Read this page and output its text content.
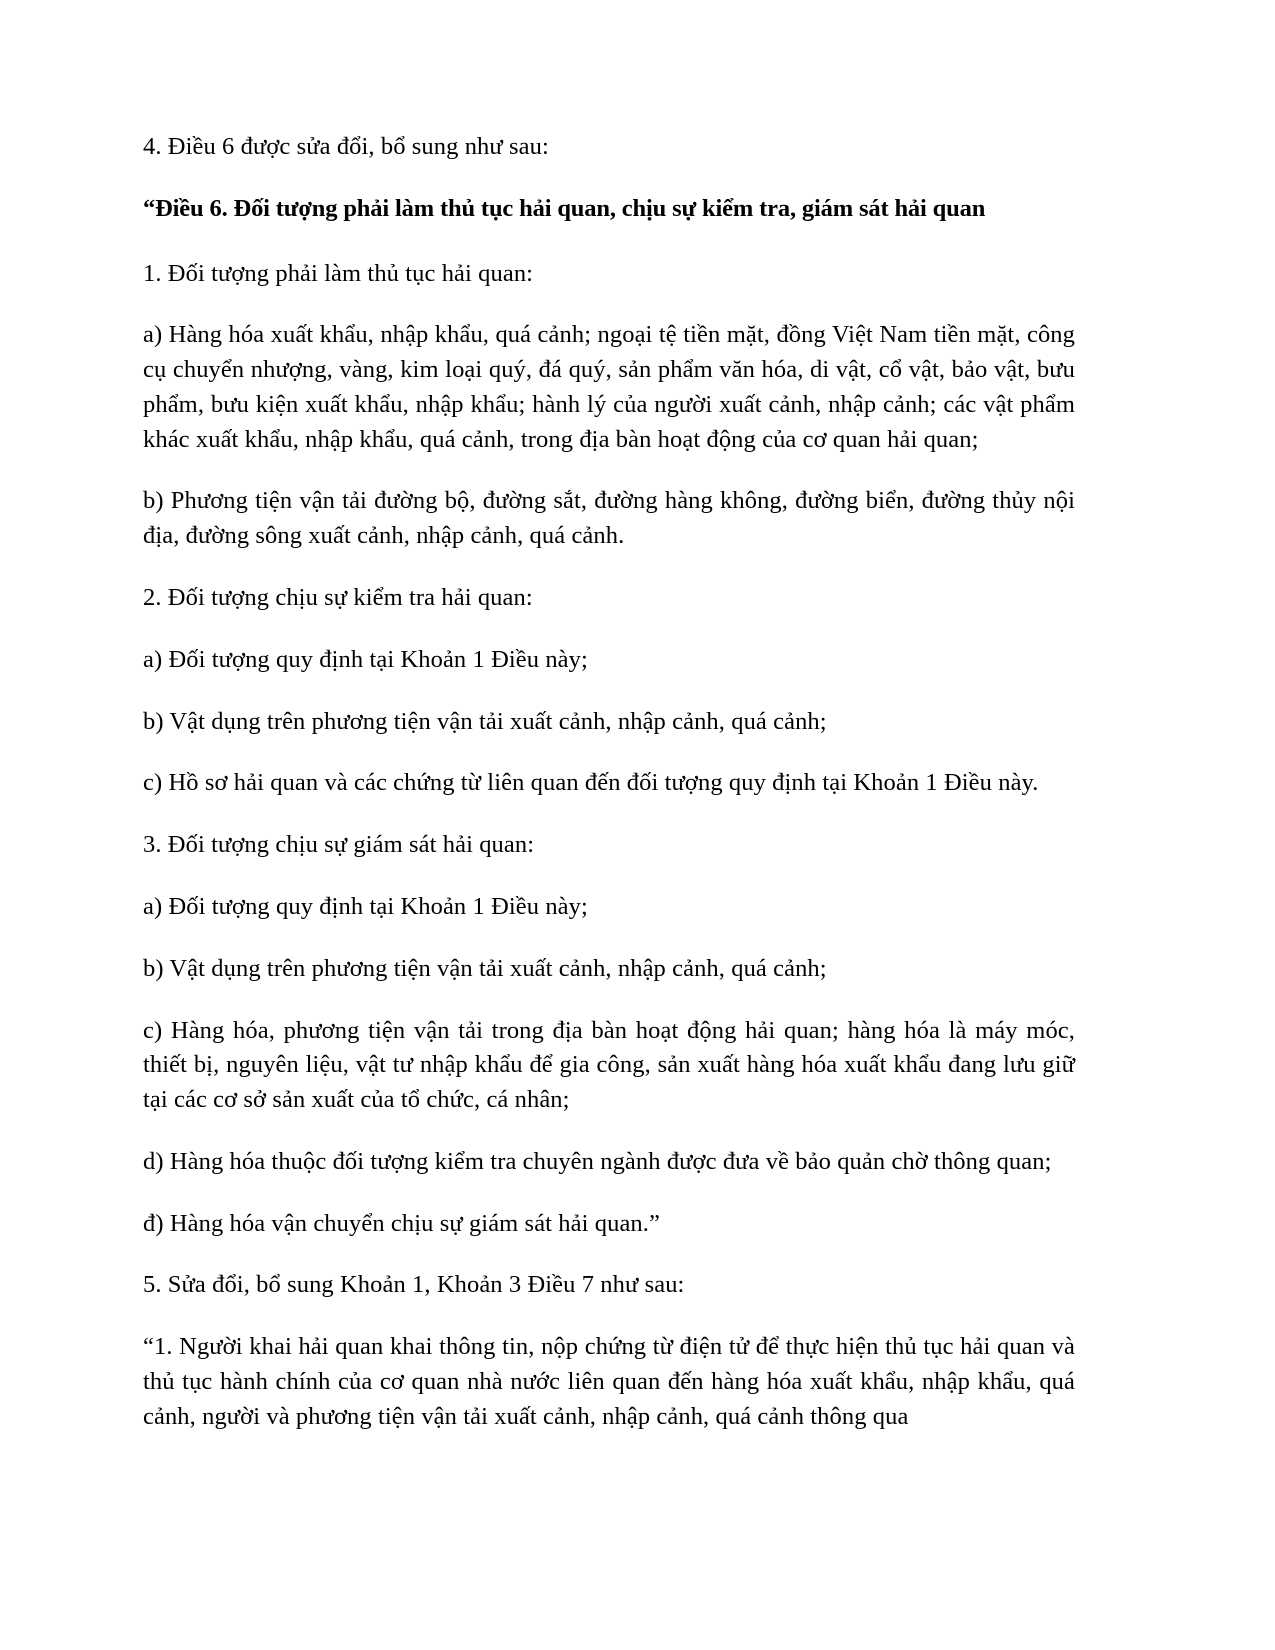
4. Điều 6 được sửa đổi, bổ sung như sau:

“Điều 6. Đối tượng phải làm thủ tục hải quan, chịu sự kiểm tra, giám sát hải quan

1. Đối tượng phải làm thủ tục hải quan:

a) Hàng hóa xuất khẩu, nhập khẩu, quá cảnh; ngoại tệ tiền mặt, đồng Việt Nam tiền mặt, công cụ chuyển nhượng, vàng, kim loại quý, đá quý, sản phẩm văn hóa, di vật, cổ vật, bảo vật, bưu phẩm, bưu kiện xuất khẩu, nhập khẩu; hành lý của người xuất cảnh, nhập cảnh; các vật phẩm khác xuất khẩu, nhập khẩu, quá cảnh, trong địa bàn hoạt động của cơ quan hải quan;

b) Phương tiện vận tải đường bộ, đường sắt, đường hàng không, đường biển, đường thủy nội địa, đường sông xuất cảnh, nhập cảnh, quá cảnh.

2. Đối tượng chịu sự kiểm tra hải quan:

a) Đối tượng quy định tại Khoản 1 Điều này;

b) Vật dụng trên phương tiện vận tải xuất cảnh, nhập cảnh, quá cảnh;

c) Hồ sơ hải quan và các chứng từ liên quan đến đối tượng quy định tại Khoản 1 Điều này.

3. Đối tượng chịu sự giám sát hải quan:

a) Đối tượng quy định tại Khoản 1 Điều này;

b) Vật dụng trên phương tiện vận tải xuất cảnh, nhập cảnh, quá cảnh;

c) Hàng hóa, phương tiện vận tải trong địa bàn hoạt động hải quan; hàng hóa là máy móc, thiết bị, nguyên liệu, vật tư nhập khẩu để gia công, sản xuất hàng hóa xuất khẩu đang lưu giữ tại các cơ sở sản xuất của tổ chức, cá nhân;

d) Hàng hóa thuộc đối tượng kiểm tra chuyên ngành được đưa về bảo quản chờ thông quan;

đ) Hàng hóa vận chuyển chịu sự giám sát hải quan.”

5. Sửa đổi, bổ sung Khoản 1, Khoản 3 Điều 7 như sau:

“1. Người khai hải quan khai thông tin, nộp chứng từ điện tử để thực hiện thủ tục hải quan và thủ tục hành chính của cơ quan nhà nước liên quan đến hàng hóa xuất khẩu, nhập khẩu, quá cảnh, người và phương tiện vận tải xuất cảnh, nhập cảnh, quá cảnh thông qua
